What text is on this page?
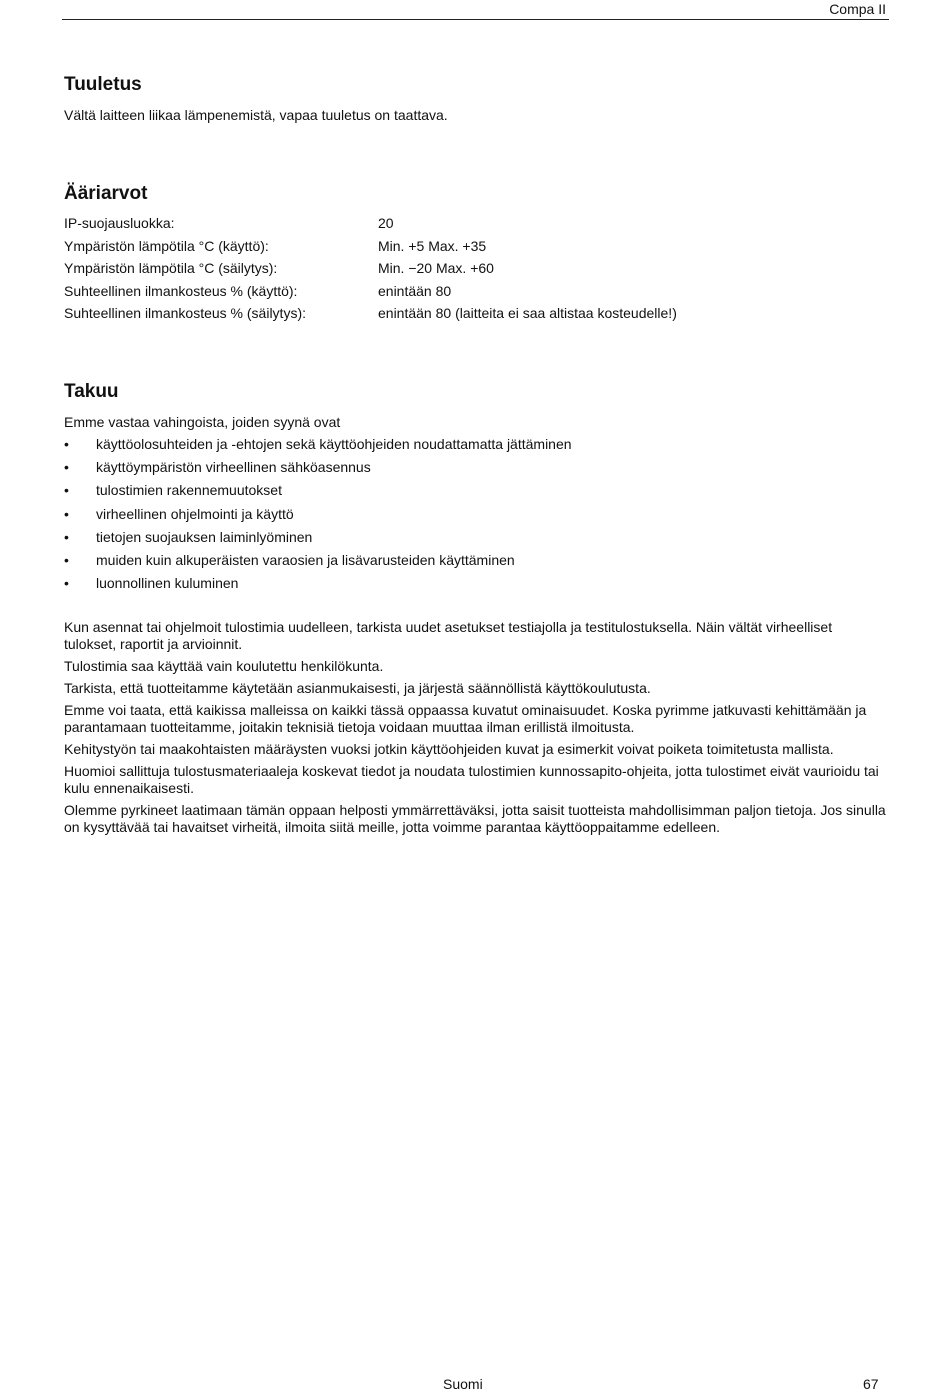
Compa II
Tuuletus
Vältä laitteen liikaa lämpenemistä, vapaa tuuletus on taattava.
Ääriarvot
IP-suojausluokka:	20
Ympäristön lämpötila °C (käyttö):	Min. +5 Max. +35
Ympäristön lämpötila °C (säilytys):	Min. −20 Max. +60
Suhteellinen ilmankosteus % (käyttö):	enintään 80
Suhteellinen ilmankosteus % (säilytys):	enintään 80 (laitteita ei saa altistaa kosteudelle!)
Takuu
Emme vastaa vahingoista, joiden syynä ovat
• käyttöolosuhteiden ja -ehtojen sekä käyttöohjeiden noudattamatta jättäminen
• käyttöympäristön virheellinen sähköasennus
• tulostimien rakennemuutokset
• virheellinen ohjelmointi ja käyttö
• tietojen suojauksen laiminlyöminen
• muiden kuin alkuperäisten varaosien ja lisävarusteiden käyttäminen
• luonnollinen kuluminen

Kun asennat tai ohjelmoit tulostimia uudelleen, tarkista uudet asetukset testiajolla ja testitulostuksella. Näin vältät virheelliset tulokset, raportit ja arvioinnit.

Tulostimia saa käyttää vain koulutettu henkilökunta.

Tarkista, että tuotteitamme käytetään asianmukaisesti, ja järjestä säännöllistä käyttökoulutusta.

Emme voi taata, että kaikissa malleissa on kaikki tässä oppaassa kuvatut ominaisuudet. Koska pyrimme jatkuvasti kehittämään ja parantamaan tuotteitamme, joitakin teknisiä tietoja voidaan muuttaa ilman erillistä ilmoitusta.

Kehitystyön tai maakohtaisten määräysten vuoksi jotkin käyttöohjeiden kuvat ja esimerkit voivat poiketa toimitetusta mallista.

Huomioi sallittuja tulostusmateriaaleja koskevat tiedot ja noudata tulostimien kunnossapito-ohjeita, jotta tulostimet eivät vaurioidu tai kulu ennenaikaisesti.

Olemme pyrkineet laatimaan tämän oppaan helposti ymmärrettäväksi, jotta saisit tuotteista mahdollisimman paljon tietoja. Jos sinulla on kysyttävää tai havaitset virheitä, ilmoita siitä meille, jotta voimme parantaa käyttöoppaitamme edelleen.

Suomi	67
